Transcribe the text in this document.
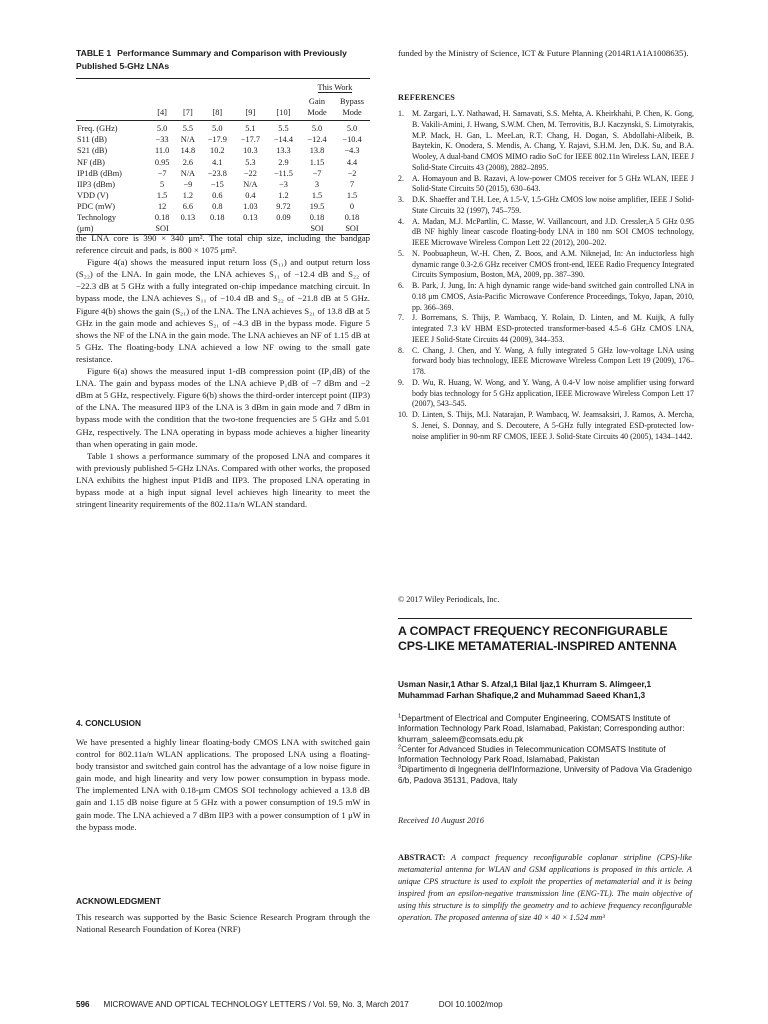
TABLE 1 Performance Summary and Comparison with Previously Published 5-GHz LNAs
						This Work	
	[4]	[7]	[8]	[9]	[10]	Gain Mode	Bypass Mode
Freq. (GHz)	5.0	5.5	5.0	5.1	5.5	5.0	5.0
S11 (dB)	−33	N/A	−17.9	−17.7	−14.4	−12.4	−10.4
S21 (dB)	11.0	14.8	10.2	10.3	13.3	13.8	−4.3
NF (dB)	0.95	2.6	4.1	5.3	2.9	1.15	4.4
IP1dB (dBm)	−7	N/A	−23.8	−22	−11.5	−7	−2
IIP3 (dBm)	5	−9	−15	N/A	−3	3	7
VDD (V)	1.5	1.2	0.6	0.4	1.2	1.5	1.5
PDC (mW)	12	6.6	0.8	1.03	9.72	19.5	0
Technology	0.18	0.13	0.18	0.13	0.09	0.18	0.18
(μm)	SOI					SOI	SOI

the LNA core is 390 × 340 μm². The total chip size, including the bandgap reference circuit and pads, is 800 × 1075 μm².

Figure 4(a) shows the measured input return loss (S₁₁) and output return loss (S₂₂) of the LNA. In gain mode, the LNA achieves S₁₁ of −12.4 dB and S₂₂ of −22.3 dB at 5 GHz with a fully integrated on-chip impedance matching circuit. In bypass mode, the LNA achieves S₁₁ of −10.4 dB and S₂₂ of −21.8 dB at 5 GHz. Figure 4(b) shows the gain (S₂₁) of the LNA. The LNA achieves S₂₁ of 13.8 dB at 5 GHz in the gain mode and achieves S₂₁ of −4.3 dB in the bypass mode. Figure 5 shows the NF of the LNA in the gain mode. The LNA achieves an NF of 1.15 dB at 5 GHz. The floating-body LNA achieved a low NF owing to the small gate resistance.

Figure 6(a) shows the measured input 1-dB compression point (IP₁dB) of the LNA. The gain and bypass modes of the LNA achieve P₁dB of −7 dBm and −2 dBm at 5 GHz, respectively. Figure 6(b) shows the third-order intercept point (IIP3) of the LNA. The measured IIP3 of the LNA is 3 dBm in gain mode and 7 dBm in bypass mode with the condition that the two-tone frequencies are 5 GHz and 5.01 GHz, respectively. The LNA operating in bypass mode achieves a higher linearity than when operating in gain mode.

Table 1 shows a performance summary of the proposed LNA and compares it with previously published 5-GHz LNAs. Compared with other works, the proposed LNA exhibits the highest input P1dB and IIP3. The proposed LNA operating in bypass mode at a high input signal level achieves high linearity to meet the stringent linearity requirements of the 802.11a/n WLAN standard.

4. CONCLUSION

We have presented a highly linear floating-body CMOS LNA with switched gain control for 802.11a/n WLAN applications. The proposed LNA using a floating-body transistor and switched gain control has the advantage of a low noise figure in gain mode, and high linearity and very low power consumption in bypass mode. The implemented LNA with 0.18-μm CMOS SOI technology achieved a 13.8 dB gain and 1.15 dB noise figure at 5 GHz with a power consumption of 19.5 mW in gain mode. The LNA achieved a 7 dBm IIP3 with a power consumption of 1 μW in the bypass mode.

ACKNOWLEDGMENT

This research was supported by the Basic Science Research Program through the National Research Foundation of Korea (NRF)

funded by the Ministry of Science, ICT & Future Planning (2014R1A1A1008635).
REFERENCES
1.	M. Zargari, L.Y. Nathawad, H. Samavati, S.S. Mehta, A. Kheirkhahi, P. Chen, K. Gong, B. Vakili-Amini, J. Hwang, S.W.M. Chen, M. Terrovitis, B.J. Kaczynski, S. Limotyrakis, M.P. Mack, H. Gan, L. MeeLan, R.T. Chang, H. Dogan, S. Abdollahi-Alibeik, B. Baytekin, K. Onodera, S. Mendis, A. Chang, Y. Rajavi, S.H.M. Jen, D.K. Su, and B.A. Wooley, A dual-band CMOS MIMO radio SoC for IEEE 802.11n Wireless LAN, IEEE J Solid-State Circuits 43 (2008), 2882–2895.
2.	A. Homayoun and B. Razavi, A low-power CMOS receiver for 5 GHz WLAN, IEEE J Solid-State Circuits 50 (2015), 630–643.
3.	D.K. Shaeffer and T.H. Lee, A 1.5-V, 1.5-GHz CMOS low noise amplifier, IEEE J Solid-State Circuits 32 (1997), 745–759.
4.	A. Madan, M.J. McPartlin, C. Masse, W. Vaillancourt, and J.D. Cressler,A 5 GHz 0.95 dB NF highly linear cascode floating-body LNA in 180 nm SOI CMOS technology, IEEE Microwave Wireless Compon Lett 22 (2012), 200–202.
5.	N. Poobuapheun, W.-H. Chen, Z. Boos, and A.M. Niknejad, In: An inductorless high dynamic range 0.3-2.6 GHz receiver CMOS front-end, IEEE Radio Frequency Integrated Circuits Symposium, Boston, MA, 2009, pp. 387–390.
6.	B. Park, J. Jung, In: A high dynamic range wide-band switched gain controlled LNA in 0.18 μm CMOS, Asia-Pacific Microwave Conference Proceedings, Tokyo, Japan, 2010, pp. 366–369.
7.	J. Borremans, S. Thijs, P. Wambacq, Y. Rolain, D. Linten, and M. Kuijk, A fully integrated 7.3 kV HBM ESD-protected transformer-based 4.5–6 GHz CMOS LNA, IEEE J Solid-State Circuits 44 (2009), 344–353.
8.	C. Chang, J. Chen, and Y. Wang, A fully integrated 5 GHz low-voltage LNA using forward body bias technology, IEEE Microwave Wireless Compon Lett 19 (2009), 176–178.
9.	D. Wu, R. Huang, W. Wong, and Y. Wang, A 0.4-V low noise amplifier using forward body bias technology for 5 GHz application, IEEE Microwave Wireless Compon Lett 17 (2007), 543–545.
10. D. Linten, S. Thijs, M.I. Natarajan, P. Wambacq, W. Jeamsaksiri, J. Ramos, A. Mercha, S. Jenei, S. Donnay, and S. Decoutere, A 5-GHz fully integrated ESD-protected low-noise amplifier in 90-nm RF CMOS, IEEE J. Solid-State Circuits 40 (2005), 1434–1442.
© 2017 Wiley Periodicals, Inc.
A COMPACT FREQUENCY RECONFIGURABLE CPS-LIKE METAMATERIAL-INSPIRED ANTENNA
Usman Nasir,1 Athar S. Afzal,1 Bilal Ijaz,1 Khurram S. Alimgeer,1 Muhammad Farhan Shafique,2 and Muhammad Saeed Khan1,3
$^1$Department of Electrical and Computer Engineering, COMSATS Institute of Information Technology Park Road, Islamabad, Pakistan; Corresponding author: khurram_saleem@comsats.edu.pk
$^2$Center for Advanced Studies in Telecommunication COMSATS Institute of Information Technology Park Road, Islamabad, Pakistan
$^3$Dipartimento di Ingegneria dell'Informazione, University of Padova Via Gradenigo 6/b, Padova 35131, Padova, Italy
Received 10 August 2016
ABSTRACT: A compact frequency reconfigurable coplanar stripline (CPS)-like metamaterial antenna for WLAN and GSM applications is proposed in this article. A unique CPS structure is used to exploit the properties of metamaterial and it is being inspired from an epsilon-negative transmission line (ENG-TL). The main objective of using this structure is to simplify the geometry and to achieve frequency reconfigurable operation. The proposed antenna of size 40 × 40 × 1.524 mm³
596 MICROWAVE AND OPTICAL TECHNOLOGY LETTERS / Vol. 59, No. 3, March 2017	DOI 10.1002/mop
